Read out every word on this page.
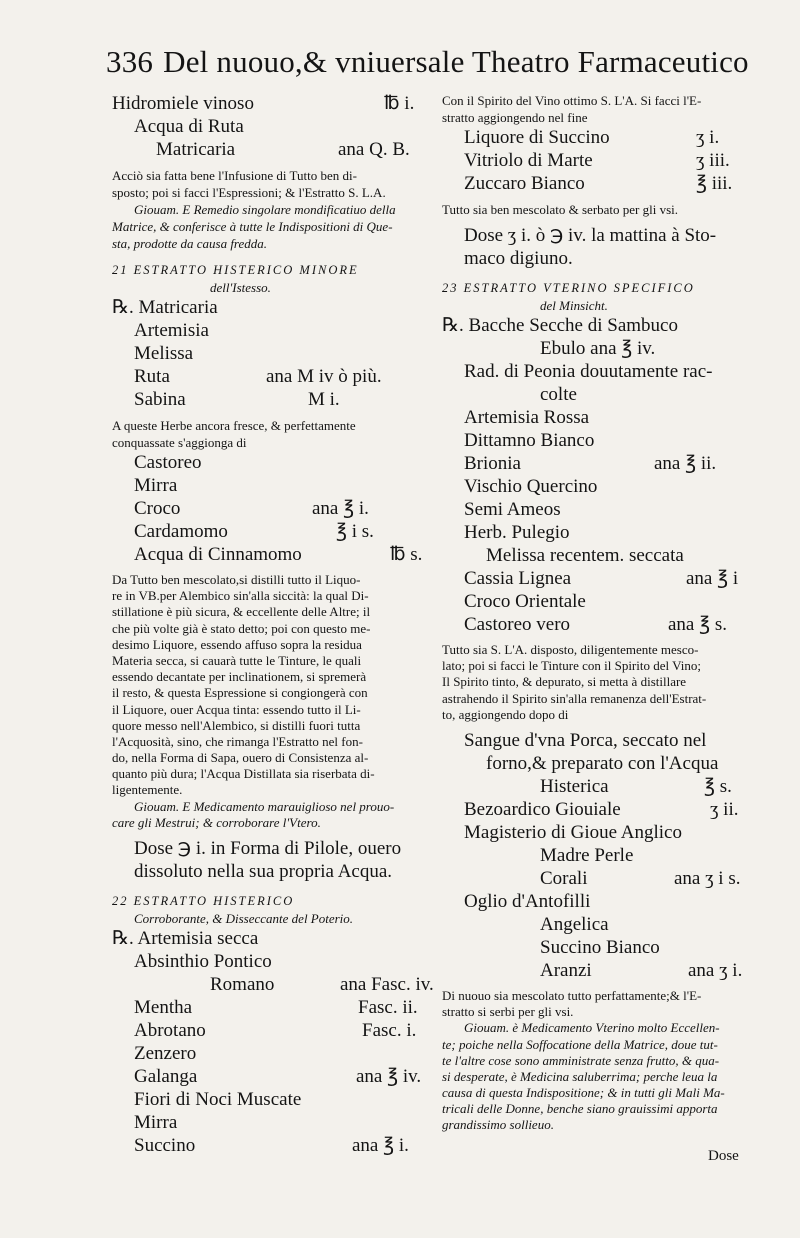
336 Del nuouo,& vniuersale Theatro Farmaceutico
Hidromiele vinoso	℔ i.
Acqua di Ruta
Matricaria	ana Q. B.
Acciò sia fatta bene l'Infusione di Tutto ben di-
sposto; poi si facci l'Espressioni; & l'Estratto S. L.A.
Giouam. E Remedio singolare mondificatiuo della
Matrice, & conferisce à tutte le Indispositioni di Que-
sta, prodotte da causa fredda.
21 ESTRATTO HISTERICO MINORE
dell'Istesso.
℞. Matricaria
Artemisia
Melissa
Ruta	ana M iv ò più.
Sabina	M i.
A queste Herbe ancora fresce, & perfettamente
conquassate s'aggionga di
Castoreo
Mirra
Croco	ana ℥ i.
Cardamomo	℥ i s.
Acqua di Cinnamomo	℔ s.
Da Tutto ben mescolato,si distilli tutto il Liquo-
re in VB.per Alembico sin'alla siccità: la qual Di-
stillatione è più sicura, & eccellente delle Altre; il
che più volte già è stato detto; poi con questo me-
desimo Liquore, essendo affuso sopra la residua
Materia secca, si cauarà tutte le Tinture, le quali
essendo decantate per inclinationem, si spremerà
il resto, & questa Espressione si congiongerà con
il Liquore, ouer Acqua tinta: essendo tutto il Li-
quore messo nell'Alembico, si distilli fuori tutta
l'Acquosità, sino, che rimanga l'Estratto nel fon-
do, nella Forma di Sapa, ouero di Consistenza al-
quanto più dura; l'Acqua Distillata sia riserbata di-
ligentemente.
Giouam. E Medicamento marauiglioso nel prouo-
care gli Mestrui; & corroborare l'Vtero.
Dose ℈ i. in Forma di Pilole, ouero
dissoluto nella sua propria Acqua.
22 ESTRATTO HISTERICO
Corroborante, & Disseccante del Poterio.
℞. Artemisia secca
Absinthio Pontico
Romano	ana Fasc. iv.
Mentha	Fasc. ii.
Abrotano	Fasc. i.
Zenzero
Galanga	ana ℥ iv.
Fiori di Noci Muscate
Mirra
Succino	ana ℥ i.
Con il Spirito del Vino ottimo S. L'A. Si facci l'E-
stratto aggiongendo nel fine
Liquore di Succino	ʒ i.
Vitriolo di Marte	ʒ iii.
Zuccaro Bianco	℥ iii.
Tutto sia ben mescolato & serbato per gli vsi.
Dose ʒ i. ò ℈ iv. la mattina à Sto-
maco digiuno.
23 ESTRATTO VTERINO SPECIFICO
del Minsicht.
℞. Bacche Secche di Sambuco
Ebulo ana ℥ iv.
Rad. di Peonia douutamente rac-
colte
Artemisia Rossa
Dittamno Bianco
Brionia	ana ℥ ii.
Vischio Quercino
Semi Ameos
Herb. Pulegio
Melissa recentem. seccata
Cassia Lignea	ana ℥ i
Croco Orientale
Castoreo vero	ana ℥ s.
Tutto sia S. L'A. disposto, diligentemente mesco-
lato; poi si facci le Tinture con il Spirito del Vino;
Il Spirito tinto, & depurato, si metta à distillare
astrahendo il Spirito sin'alla remanenza dell'Estrat-
to, aggiongendo dopo di
Sangue d'vna Porca, seccato nel
forno,& preparato con l'Acqua
Histerica	℥ s.
Bezoardico Giouiale	ʒ ii.
Magisterio di Gioue Anglico
Madre Perle
Corali	ana ʒ i s.
Oglio d'Antofilli
Angelica
Succino Bianco
Aranzi	ana ʒ i.
Di nuouo sia mescolato tutto perfattamente;& l'E-
stratto si serbi per gli vsi.
Giouam. è Medicamento Vterino molto Eccellen-
te; poiche nella Soffocatione della Matrice, doue tut-
te l'altre cose sono amministrate senza frutto, & qua-
si desperate, è Medicina saluberrima; perche leua la
causa di questa Indispositione; & in tutti gli Mali Ma-
tricali delle Donne, benche siano grauissimi apporta
grandissimo sollieuo.
Dose
